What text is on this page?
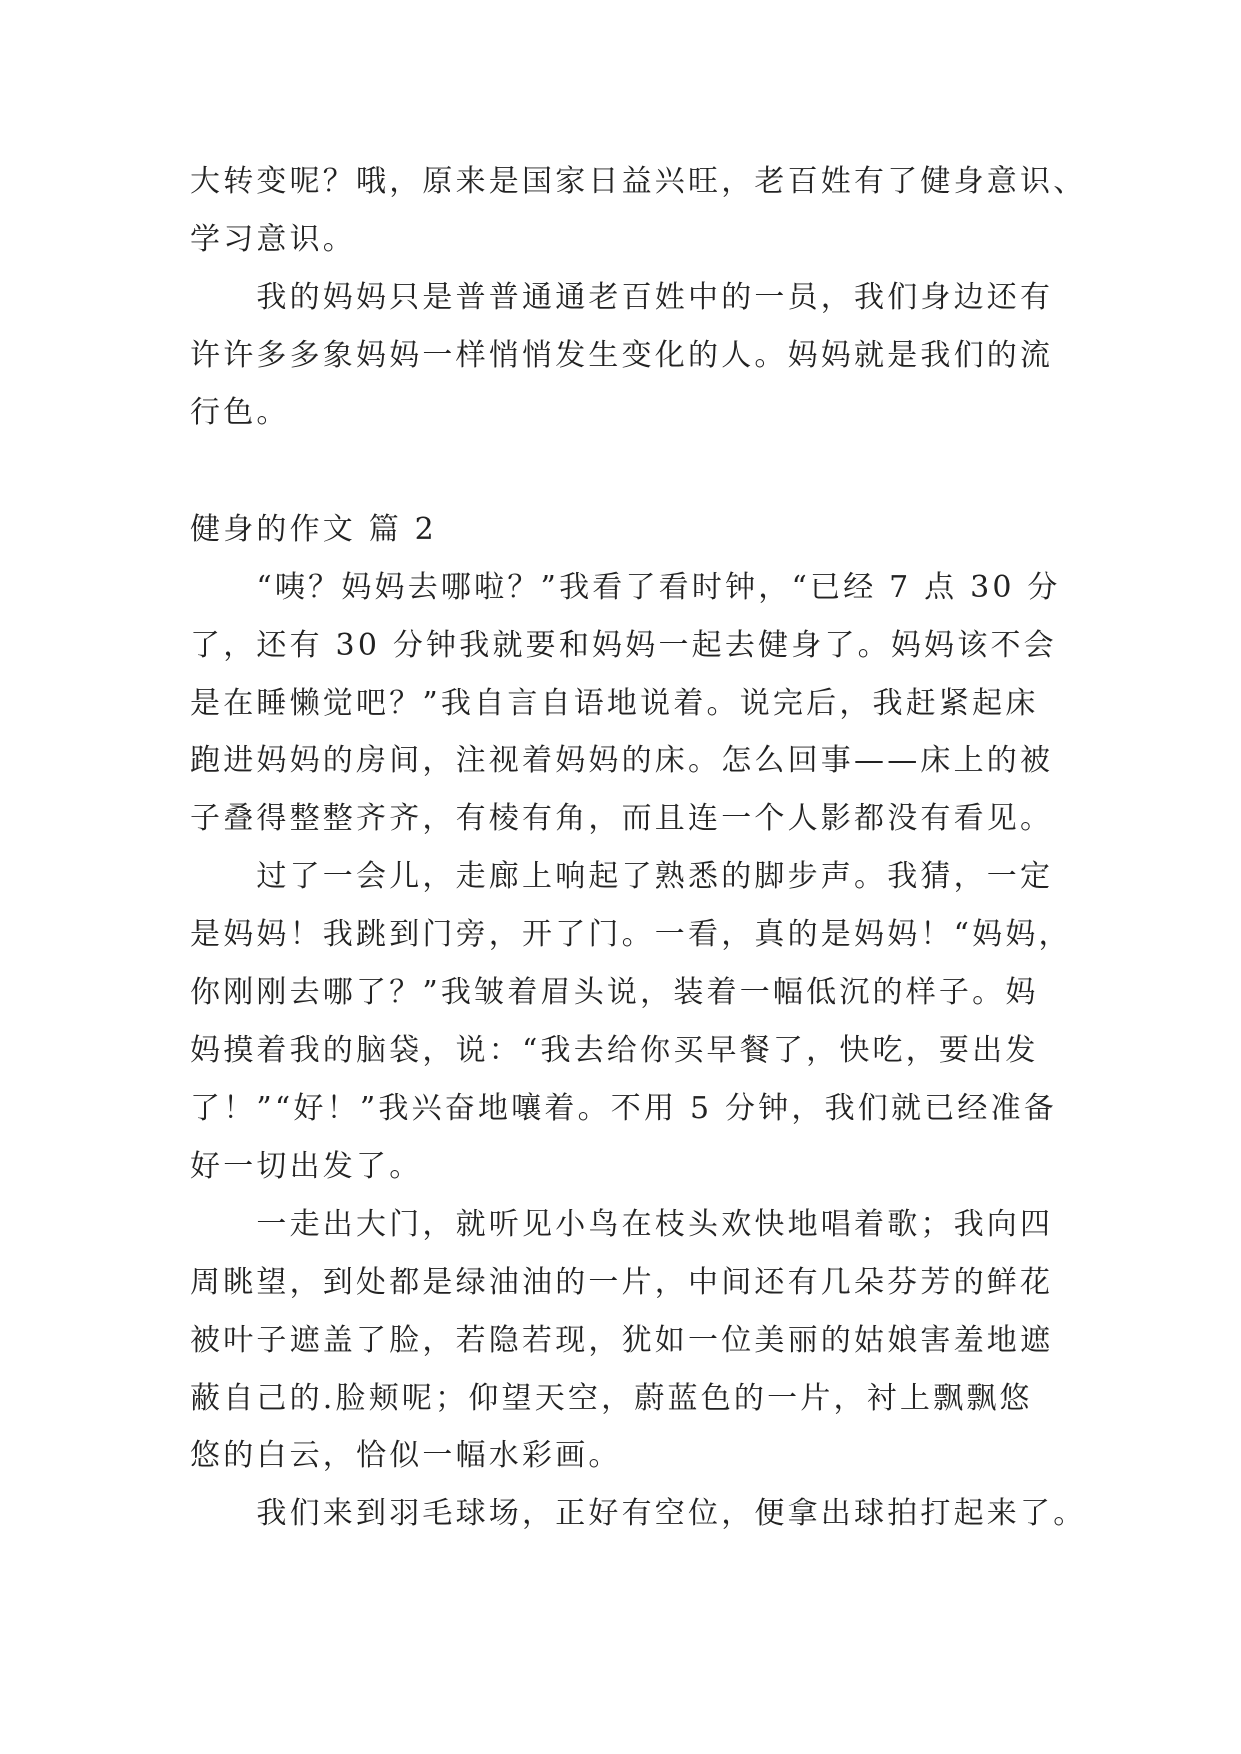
大转变呢？哦，原来是国家日益兴旺，老百姓有了健身意识、
学习意识。
　　我的妈妈只是普普通通老百姓中的一员，我们身边还有
许许多多象妈妈一样悄悄发生变化的人。妈妈就是我们的流
行色。
健身的作文 篇 2
　　“咦？妈妈去哪啦？”我看了看时钟，“已经 7 点 30 分
了，还有 30 分钟我就要和妈妈一起去健身了。妈妈该不会
是在睡懒觉吧？”我自言自语地说着。说完后，我赶紧起床
跑进妈妈的房间，注视着妈妈的床。怎么回事——床上的被
子叠得整整齐齐，有棱有角，而且连一个人影都没有看见。
　　过了一会儿，走廊上响起了熟悉的脚步声。我猜，一定
是妈妈！我跳到门旁，开了门。一看，真的是妈妈！“妈妈，
你刚刚去哪了？”我皱着眉头说，装着一幅低沉的样子。妈
妈摸着我的脑袋，说：“我去给你买早餐了，快吃，要出发
了！”“好！”我兴奋地嚷着。不用 5 分钟，我们就已经准备
好一切出发了。
　　一走出大门，就听见小鸟在枝头欢快地唱着歌；我向四
周眺望，到处都是绿油油的一片，中间还有几朵芬芳的鲜花
被叶子遮盖了脸，若隐若现，犹如一位美丽的姑娘害羞地遮
蔽自己的.脸颊呢；仰望天空，蔚蓝色的一片，衬上飘飘悠
悠的白云，恰似一幅水彩画。
　　我们来到羽毛球场，正好有空位，便拿出球拍打起来了。
